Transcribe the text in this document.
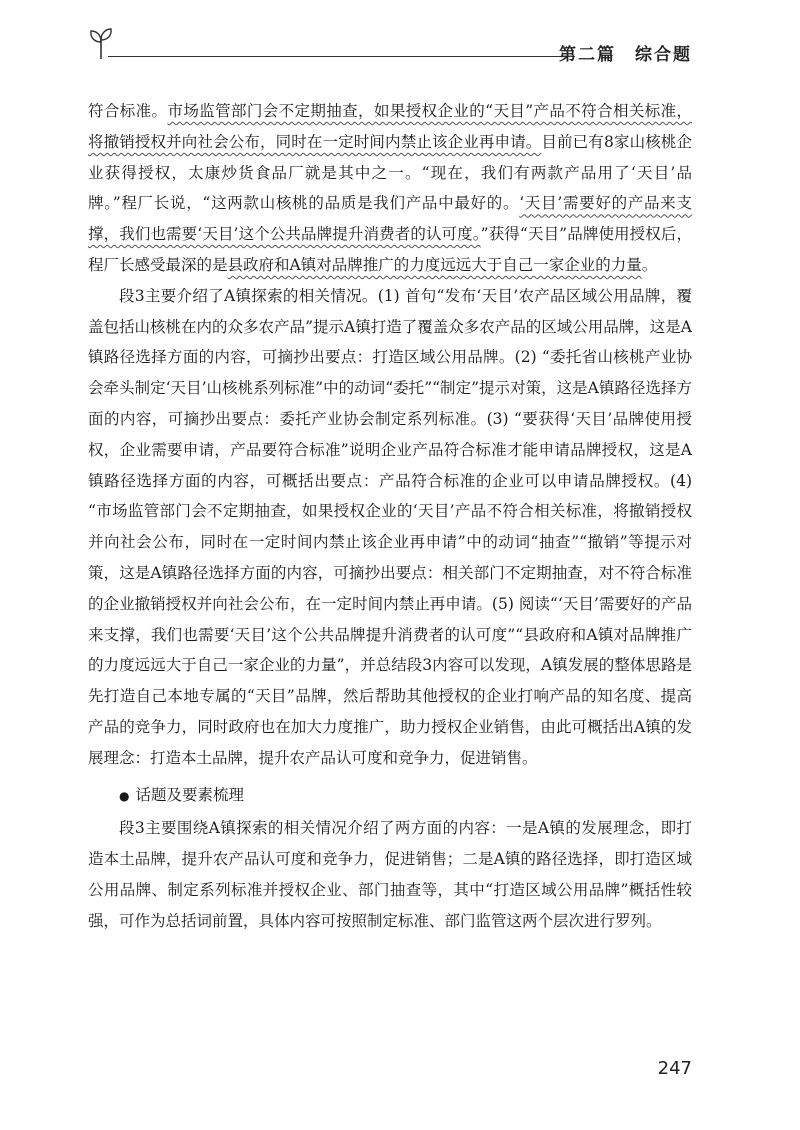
第二篇　综合题

符合标准。市场监管部门会不定期抽查，如果授权企业的“天目”产品不符合相关标准，将撤销授权并向社会公布，同时在一定时间内禁止该企业再申请。目前已有8家山核桃企业获得授权，太康炒货食品厂就是其中之一。“现在，我们有两款产品用了‘天目’品牌。”程厂长说，“这两款山核桃的品质是我们产品中最好的。‘天目’需要好的产品来支撑，我们也需要‘天目’这个公共品牌提升消费者的认可度。”获得“天目”品牌使用授权后，程厂长感受最深的是县政府和A镇对品牌推广的力度远远大于自己一家企业的力量。

段3主要介绍了A镇探索的相关情况。(1) 首句“发布‘天目’农产品区域公用品牌，覆盖包括山核桃在内的众多农产品”提示A镇打造了覆盖众多农产品的区域公用品牌，这是A镇路径选择方面的内容，可摘抄出要点：打造区域公用品牌。(2) “委托省山核桃产业协会牵头制定‘天目’山核桃系列标准”中的动词“委托”“制定”提示对策，这是A镇路径选择方面的内容，可摘抄出要点：委托产业协会制定系列标准。(3) “要获得‘天目’品牌使用授权，企业需要申请，产品要符合标准”说明企业产品符合标准才能申请品牌授权，这是A镇路径选择方面的内容，可概括出要点：产品符合标准的企业可以申请品牌授权。(4) “市场监管部门会不定期抽查，如果授权企业的‘天目’产品不符合相关标准，将撤销授权并向社会公布，同时在一定时间内禁止该企业再申请”中的动词“抽查”“撤销”等提示对策，这是A镇路径选择方面的内容，可摘抄出要点：相关部门不定期抽查，对不符合标准的企业撤销授权并向社会公布，在一定时间内禁止再申请。(5) 阅读“‘天目’需要好的产品来支撑，我们也需要‘天目’这个公共品牌提升消费者的认可度”“县政府和A镇对品牌推广的力度远远大于自己一家企业的力量”，并总结段3内容可以发现，A镇发展的整体思路是先打造自己本地专属的“天目”品牌，然后帮助其他授权的企业打响产品的知名度、提高产品的竞争力，同时政府也在加大力度推广，助力授权企业销售，由此可概括出A镇的发展理念：打造本土品牌，提升农产品认可度和竞争力，促进销售。

● 话题及要素梳理

段3主要围绕A镇探索的相关情况介绍了两方面的内容：一是A镇的发展理念，即打造本土品牌，提升农产品认可度和竞争力，促进销售；二是A镇的路径选择，即打造区域公用品牌、制定系列标准并授权企业、部门抽查等，其中“打造区域公用品牌”概括性较强，可作为总括词前置，具体内容可按照制定标准、部门监管这两个层次进行罗列。

247
